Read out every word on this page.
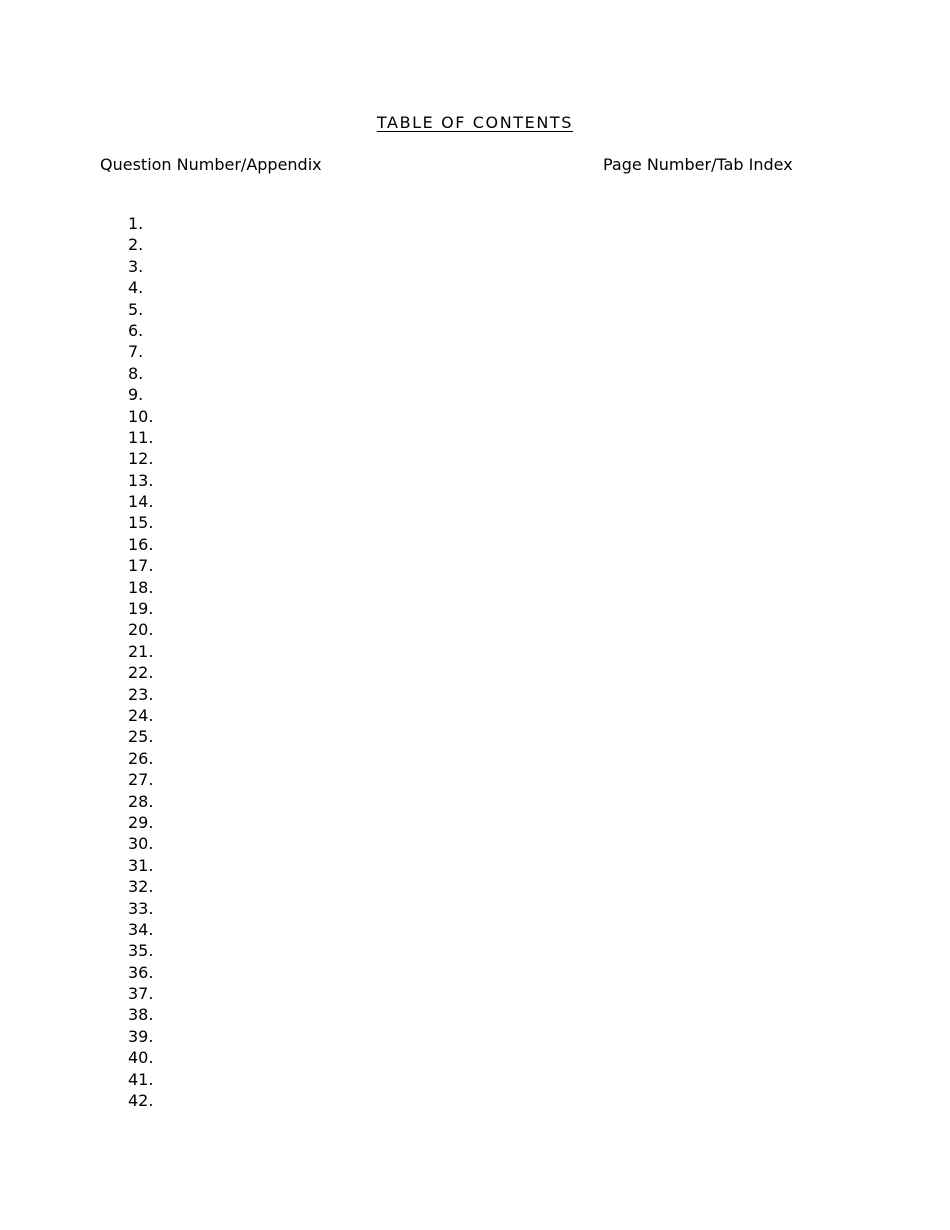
TABLE OF CONTENTS
Question Number/Appendix	Page Number/Tab Index
1.
2.
3.
4.
5.
6.
7.
8.
9.
10.
11.
12.
13.
14.
15.
16.
17.
18.
19.
20.
21.
22.
23.
24.
25.
26.
27.
28.
29.
30.
31.
32.
33.
34.
35.
36.
37.
38.
39.
40.
41.
42.
